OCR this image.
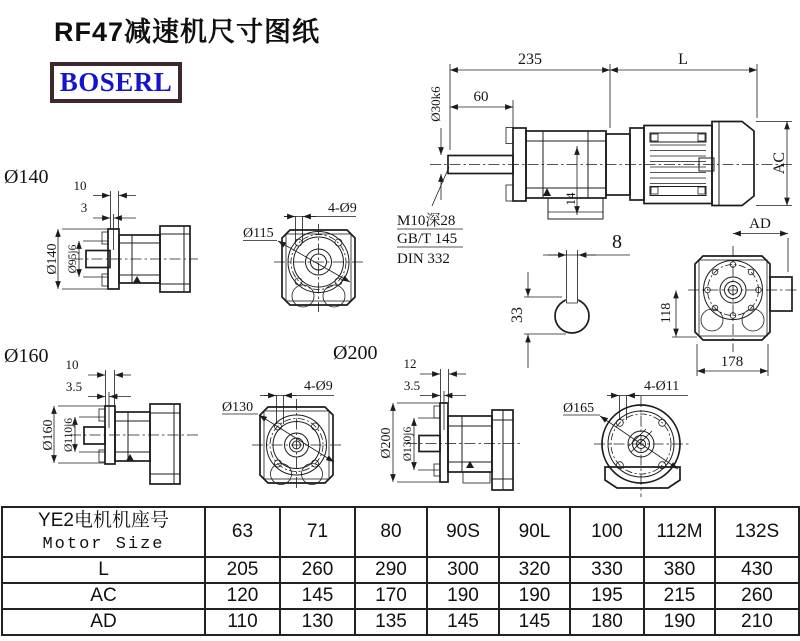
RF47减速机尺寸图纸
BOSERL
235	L
60
Ø30k6
14
AC
M10深28
GB/T 145
DIN 332
8
33
AD
118
178
Ø140 10
3
Ø140 Ø95j6
4-Ø9
Ø115
Ø160 10
3.5
Ø160 Ø110j6
4-Ø9
Ø130
Ø200 12
3.5
Ø200 Ø130j6
4-Ø11
Ø165
YE2电机机座号
Motor Size	63	71	80	90S	90L	100	112M	132S
L	205	260	290	300	320	330	380	430
AC	120	145	170	190	190	195	215	260
AD	110	130	135	145	145	180	190	210
